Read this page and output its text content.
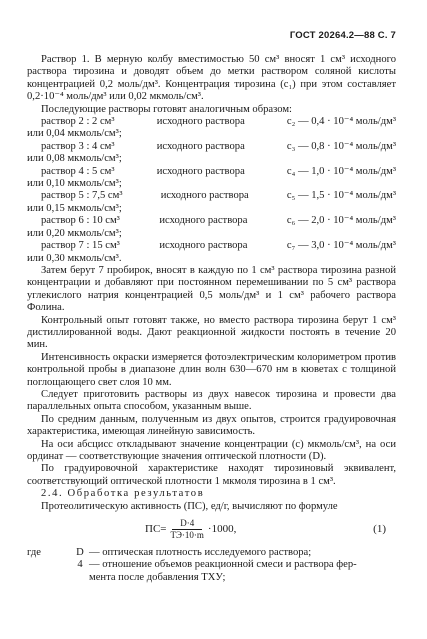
ГОСТ 20264.2—88 С. 7

Раствор 1. В мерную колбу вместимостью 50 см³ вносят 1 см³ исходного раствора тирозина и доводят объем до метки раствором соляной кислоты концентрацией 0,2 моль/дм³. Концентрация тирозина (c₁) при этом составляет 0,2·10⁻⁴ моль/дм³ или 0,02 мкмоль/см³.

Последующие растворы готовят аналогичным образом:

раствор 2 : 2 см³	исходного раствора	c₂ — 0,4 · 10⁻⁴ моль/дм³
или 0,04 мкмоль/см³;
раствор 3 : 4 см³	исходного раствора	c₃ — 0,8 · 10⁻⁴ моль/дм³
или 0,08 мкмоль/см³;
раствор 4 : 5 см³	исходного раствора	c₄ — 1,0 · 10⁻⁴ моль/дм³
или 0,10 мкмоль/см³;
раствор 5 : 7,5 см³	исходного раствора	c₅ — 1,5 · 10⁻⁴ моль/дм³
или 0,15 мкмоль/см³;
раствор 6 : 10 см³	исходного раствора	c₆ — 2,0 · 10⁻⁴ моль/дм³
или 0,20 мкмоль/см³;
раствор 7 : 15 см³	исходного раствора	c₇ — 3,0 · 10⁻⁴ моль/дм³
или 0,30 мкмоль/см³.

Затем берут 7 пробирок, вносят в каждую по 1 см³ раствора тирозина разной концентрации и добавляют при постоянном перемешивании по 5 см³ раствора углекислого натрия концентрацией 0,5 моль/дм³ и 1 см³ рабочего раствора Фолина.

Контрольный опыт готовят также, но вместо раствора тирозина берут 1 см³ дистиллированной воды. Дают реакционной жидкости постоять в течение 20 мин.

Интенсивность окраски измеряется фотоэлектрическим колориметром против контрольной пробы в диапазоне длин волн 630—670 нм в кюветах с толщиной поглощающего свет слоя 10 мм.

Следует приготовить растворы из двух навесок тирозина и провести два параллельных опыта способом, указанным выше.

По средним данным, полученным из двух опытов, строится градуировочная характеристика, имеющая линейную зависимость.

На оси абсцисс откладывают значение концентрации (c) мкмоль/см³, на оси ординат — соответствующие значения оптической плотности (D).

По градуировочной характеристике находят тирозиновый эквивалент, соответствующий оптической плотности 1 мкмоля тирозина в 1 см³.

2.4. Обработка результатов

Протеолитическую активность (ПС), ед/г, вычисляют по формуле

$ПС= \frac{D\cdot 4}{ТЭ\cdot 10\cdot m} \cdot 1000$,	(1)
где	D — оптическая плотность исследуемого раствора;
4 — отношение объемов реакционной смеси и раствора фер-
мента после добавления ТХУ;
